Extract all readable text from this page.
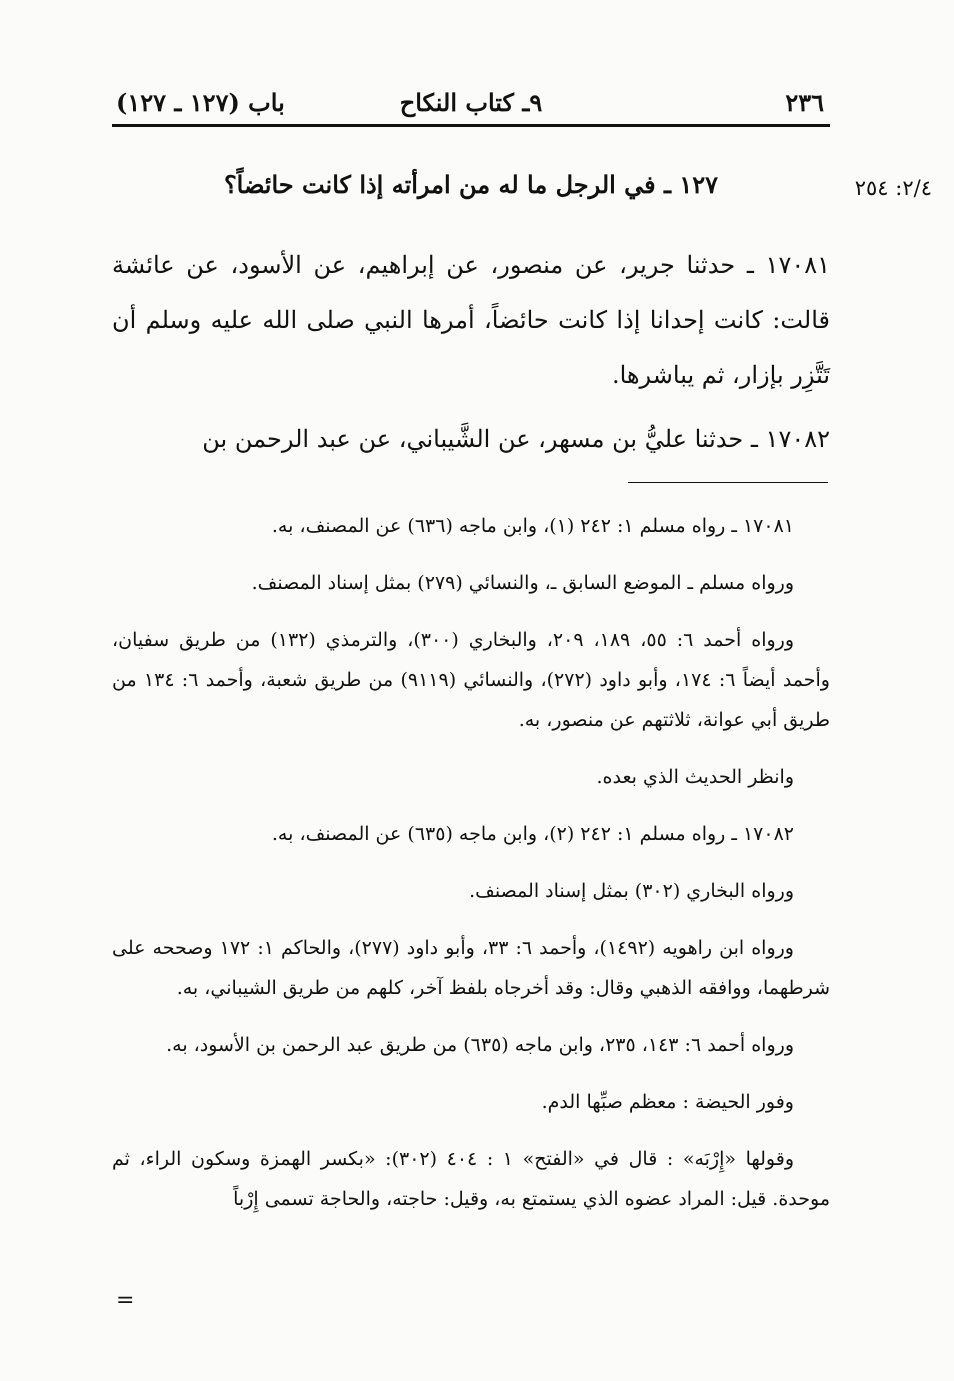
٢٣٦
٩ـ كتاب النكاح
باب (١٢٧ ـ ١٢٧)
٢/٤: ٢٥٤
١٢٧ ـ في الرجل ما له من امرأته إذا كانت حائضاً؟
١٧٠٨١ ـ حدثنا جرير، عن منصور، عن إبراهيم، عن الأسود، عن عائشة قالت: كانت إحدانا إذا كانت حائضاً، أمرها النبي صلى الله عليه وسلم أن تَتَّزِر بإزار، ثم يباشرها.
١٧٠٨٢ ـ حدثنا عليُّ بن مسهر، عن الشَّيباني، عن عبد الرحمن بن

١٧٠٨١ ـ رواه مسلم ١: ٢٤٢ (١)، وابن ماجه (٦٣٦) عن المصنف، به.

ورواه مسلم ـ الموضع السابق ـ، والنسائي (٢٧٩) بمثل إسناد المصنف.

ورواه أحمد ٦: ٥٥، ١٨٩، ٢٠٩، والبخاري (٣٠٠)، والترمذي (١٣٢) من طريق سفيان، وأحمد أيضاً ٦: ١٧٤، وأبو داود (٢٧٢)، والنسائي (٩١١٩) من طريق شعبة، وأحمد ٦: ١٣٤ من طريق أبي عوانة، ثلاثتهم عن منصور، به.

وانظر الحديث الذي بعده.

١٧٠٨٢ ـ رواه مسلم ١: ٢٤٢ (٢)، وابن ماجه (٦٣٥) عن المصنف، به.

ورواه البخاري (٣٠٢) بمثل إسناد المصنف.

ورواه ابن راهويه (١٤٩٢)، وأحمد ٦: ٣٣، وأبو داود (٢٧٧)، والحاكم ١: ١٧٢ وصححه على شرطهما، ووافقه الذهبي وقال: وقد أخرجاه بلفظ آخر، كلهم من طريق الشيباني، به.

ورواه أحمد ٦: ١٤٣، ٢٣٥، وابن ماجه (٦٣٥) من طريق عبد الرحمن بن الأسود، به.

وفور الحيضة : معظم صبِّها الدم.

وقولها «إِرْبَه» : قال في «الفتح» ١ : ٤٠٤ (٣٠٢): «بكسر الهمزة وسكون الراء، ثم موحدة. قيل: المراد عضوه الذي يستمتع به، وقيل: حاجته، والحاجة تسمى إِرْباً

=
